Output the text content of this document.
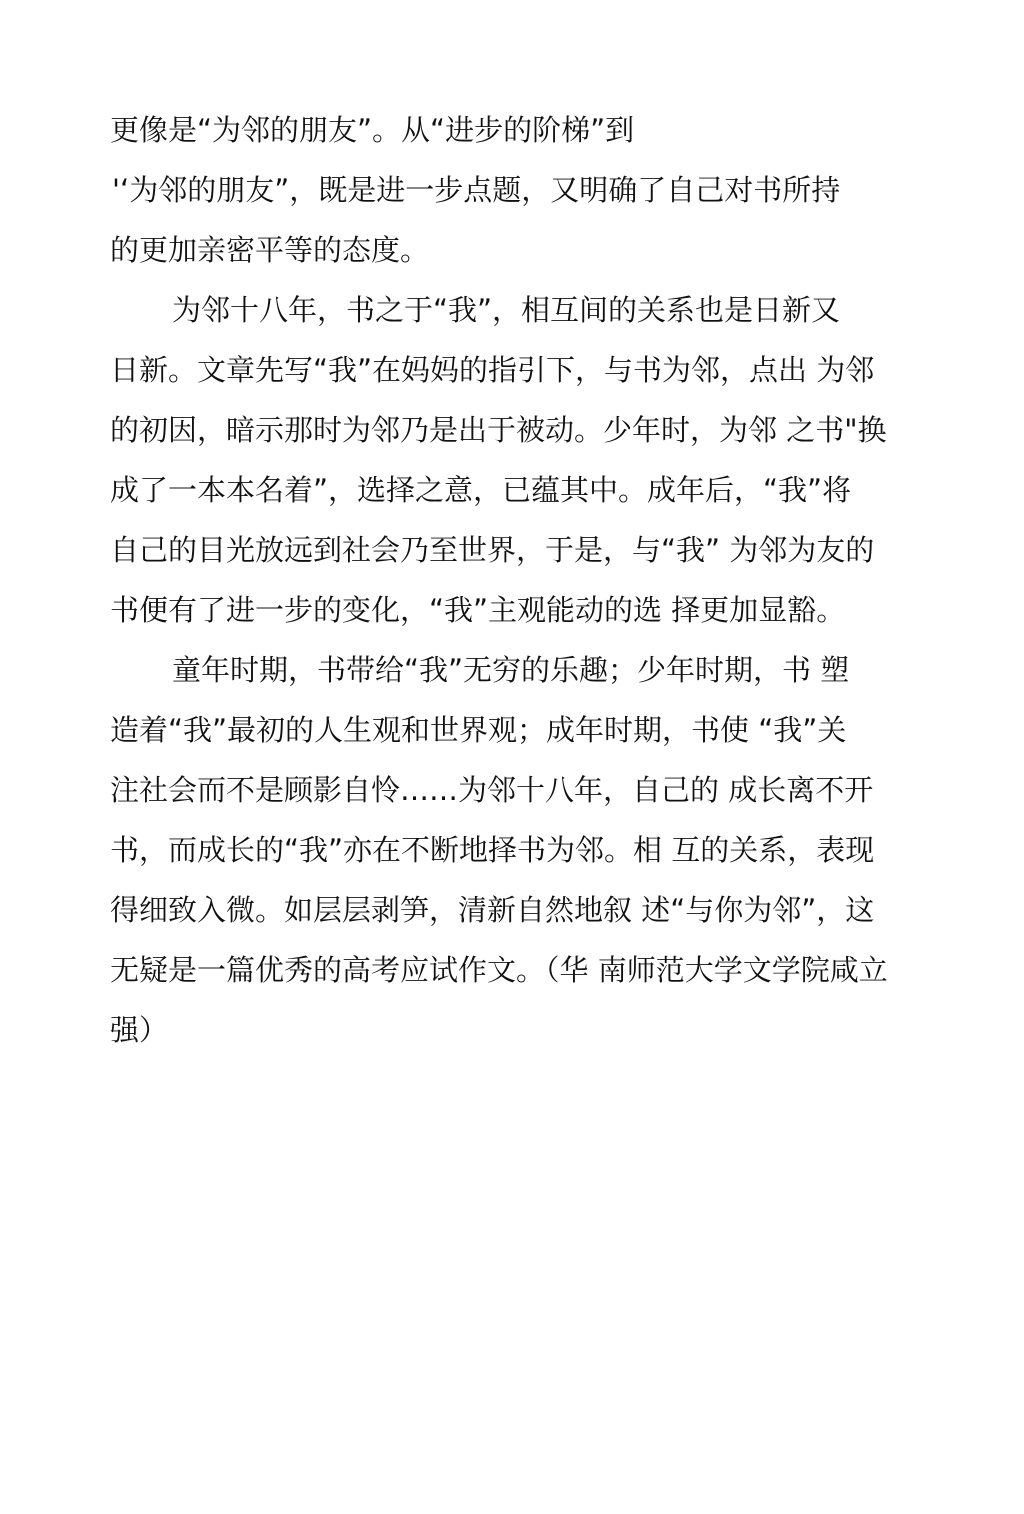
更像是“为邻的朋友”。从“进步的阶梯”到
'‘为邻的朋友”，既是进一步点题，又明确了自己对书所持
的更加亲密平等的态度。
为邻十八年，书之于“我”，相互间的关系也是日新又
日新。文章先写“我”在妈妈的指引下，与书为邻，点出 为邻
的初因，暗示那时为邻乃是出于被动。少年时，为邻 之书"换
成了一本本名着”，选择之意，已蕴其中。成年后，“我”将
自己的目光放远到社会乃至世界，于是，与“我” 为邻为友的
书便有了进一步的变化，“我”主观能动的选 择更加显豁。
童年时期，书带给“我”无穷的乐趣；少年时期，书 塑
造着“我”最初的人生观和世界观；成年时期，书使 “我”关
注社会而不是顾影自怜……为邻十八年，自己的 成长离不开
书，而成长的“我”亦在不断地择书为邻。相 互的关系，表现
得细致入微。如层层剥笋，清新自然地叙 述“与你为邻”，这
无疑是一篇优秀的高考应试作文。（华 南师范大学文学院咸立
强）
